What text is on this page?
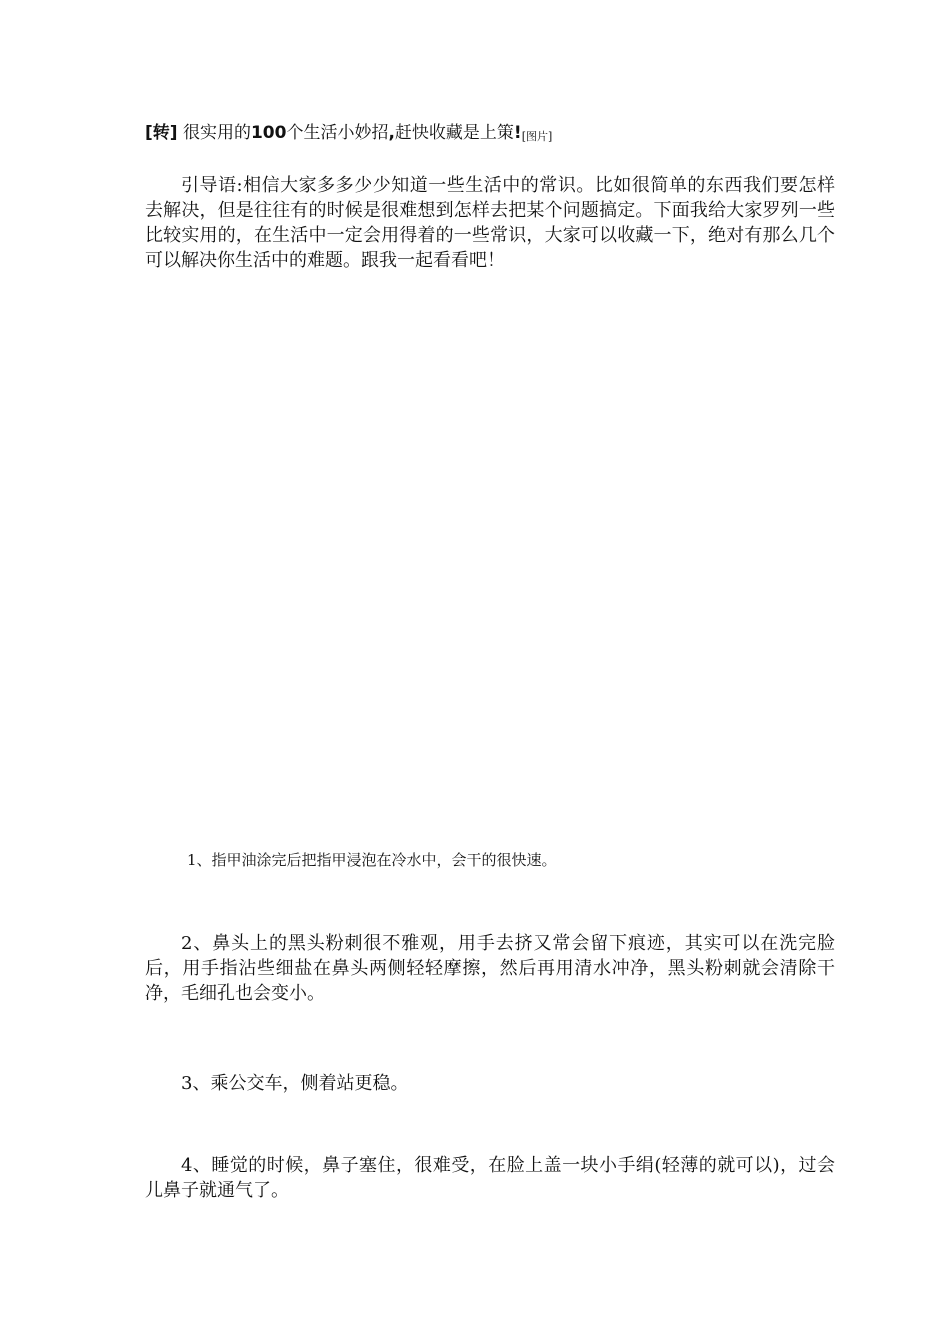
[转] 很实用的100个生活小妙招,赶快收藏是上策![图片]

引导语:相信大家多多少少知道一些生活中的常识。比如很简单的东西我们要怎样去解决，但是往往有的时候是很难想到怎样去把某个问题搞定。下面我给大家罗列一些比较实用的，在生活中一定会用得着的一些常识，大家可以收藏一下，绝对有那么几个可以解决你生活中的难题。跟我一起看看吧！

1、指甲油涂完后把指甲浸泡在冷水中，会干的很快速。

2、鼻头上的黑头粉刺很不雅观，用手去挤又常会留下痕迹，其实可以在洗完脸后，用手指沾些细盐在鼻头两侧轻轻摩擦，然后再用清水冲净，黑头粉刺就会清除干净，毛细孔也会变小。

3、乘公交车，侧着站更稳。

4、睡觉的时候，鼻子塞住，很难受，在脸上盖一块小手绢(轻薄的就可以)，过会儿鼻子就通气了。
